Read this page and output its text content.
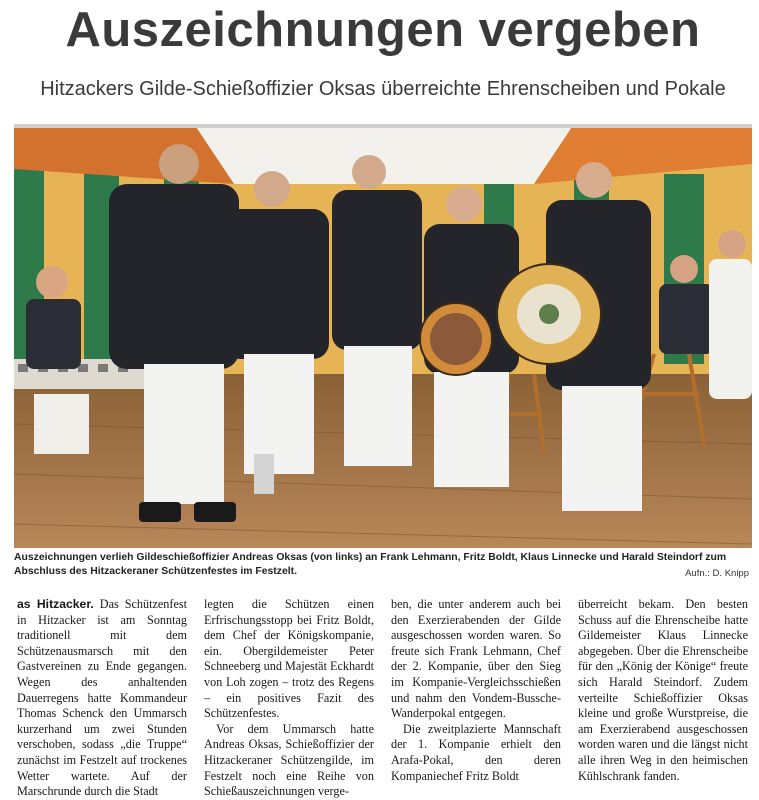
Auszeichnungen vergeben
Hitzackers Gilde-Schießoffizier Oksas überreichte Ehrenscheiben und Pokale
Auszeichnungen verlieh Gildeschießoffizier Andreas Oksas (von links) an Frank Lehmann, Fritz Boldt, Klaus Linnecke und Harald Steindorf zum Abschluss des Hitzackeraner Schützenfestes im Festzelt.	Aufn.: D. Knipp

as Hitzacker. Das Schützenfest in Hitzacker ist am Sonntag traditionell mit dem Schützenausmarsch mit den Gastvereinen zu Ende gegangen. Wegen des anhaltenden Dauerregens hatte Kommandeur Thomas Schenck den Ummarsch kurzerhand um zwei Stunden verschoben, sodass „die Truppe“ zunächst im Festzelt auf trockenes Wetter wartete. Auf der Marschrunde durch die Stadt

legten die Schützen einen Erfrischungsstopp bei Fritz Boldt, dem Chef der Königskompanie, ein. Obergildemeister Peter Schneeberg und Majestät Eckhardt von Loh zogen – trotz des Regens – ein positives Fazit des Schützenfestes.

Vor dem Ummarsch hatte Andreas Oksas, Schießoffizier der Hitzackeraner Schützengilde, im Festzelt noch eine Reihe von Schießauszeichnungen verge-

ben, die unter anderem auch bei den Exerzierabenden der Gilde ausgeschossen worden waren. So freute sich Frank Lehmann, Chef der 2. Kompanie, über den Sieg im Kompanie-Vergleichsschießen und nahm den Vondem-Bussche-Wanderpokal entgegen.

Die zweitplazierte Mannschaft der 1. Kompanie erhielt den Arafa-Pokal, den deren Kompaniechef Fritz Boldt

überreicht bekam. Den besten Schuss auf die Ehrenscheibe hatte Gildemeister Klaus Linnecke abgegeben. Über die Ehrenscheibe für den „König der Könige“ freute sich Harald Steindorf. Zudem verteilte Schießoffizier Oksas kleine und große Wurstpreise, die am Exerzierabend ausgeschossen worden waren und die längst nicht alle ihren Weg in den heimischen Kühlschrank fanden.
